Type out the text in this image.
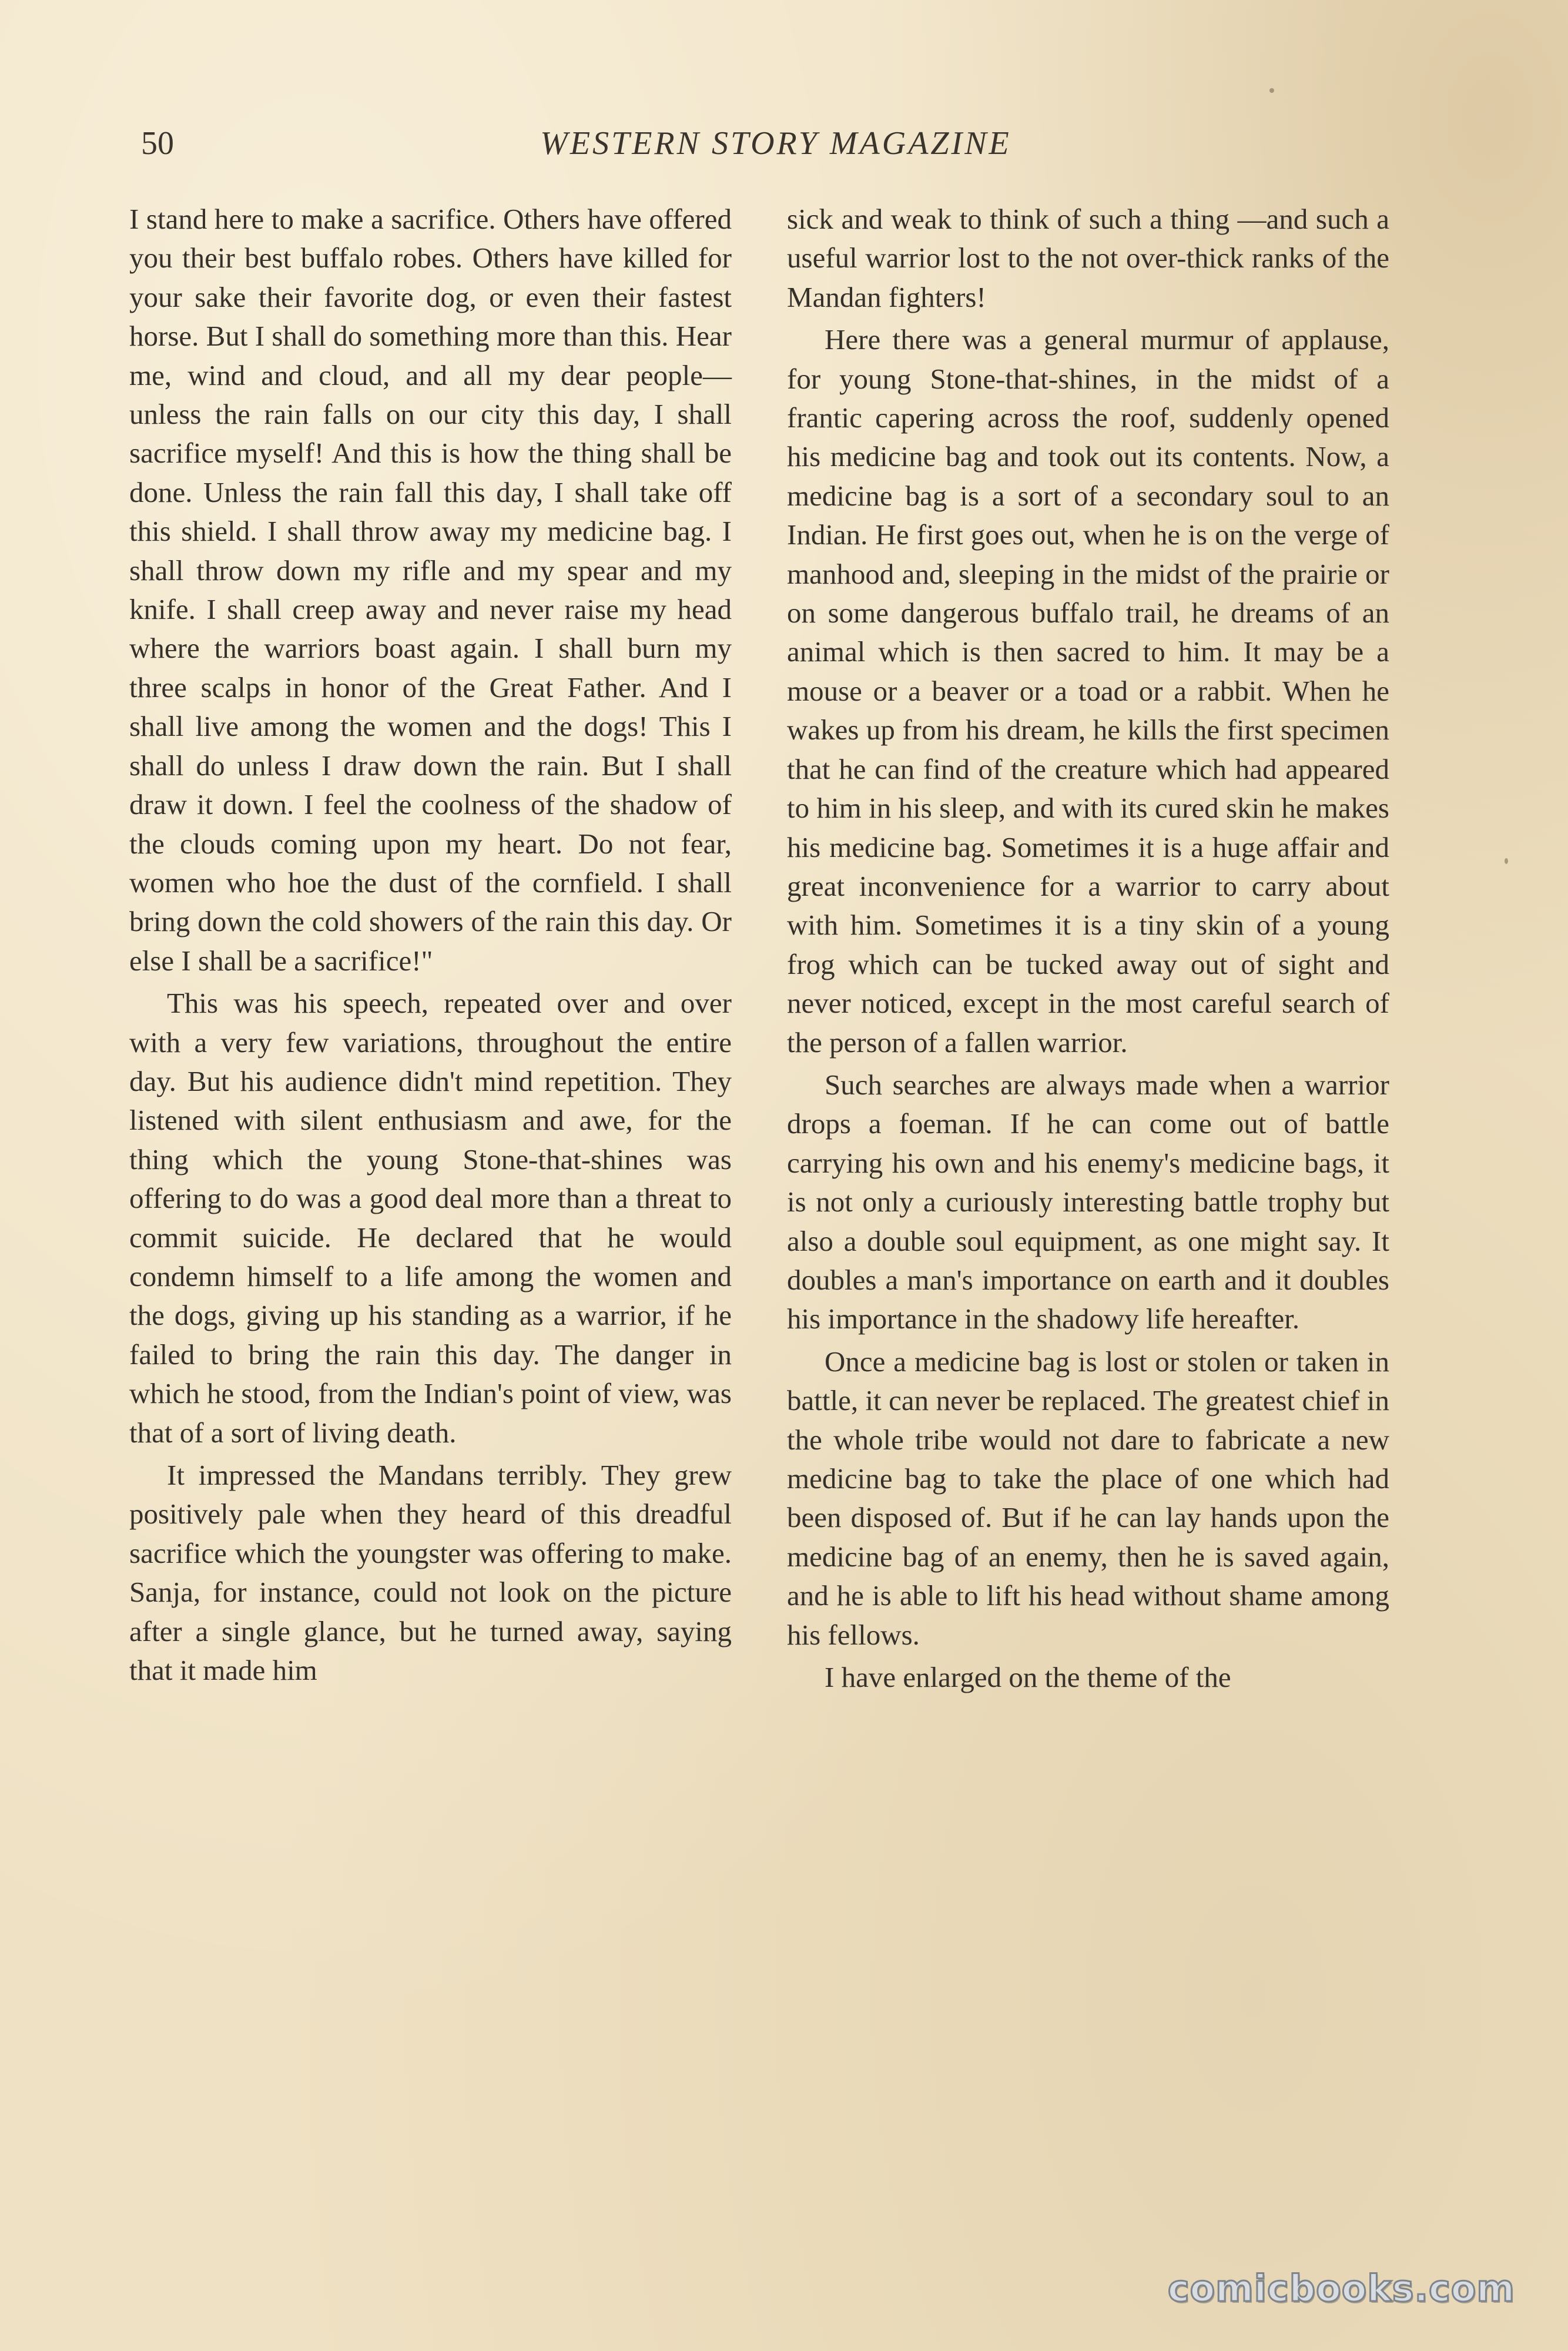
50	WESTERN STORY MAGAZINE

I stand here to make a sacrifice. Others have offered you their best buffalo robes. Others have killed for your sake their favorite dog, or even their fastest horse. But I shall do something more than this. Hear me, wind and cloud, and all my dear people—unless the rain falls on our city this day, I shall sacrifice myself! And this is how the thing shall be done. Unless the rain fall this day, I shall take off this shield. I shall throw away my medicine bag. I shall throw down my rifle and my spear and my knife. I shall creep away and never raise my head where the warriors boast again. I shall burn my three scalps in honor of the Great Father. And I shall live among the women and the dogs! This I shall do unless I draw down the rain. But I shall draw it down. I feel the coolness of the shadow of the clouds coming upon my heart. Do not fear, women who hoe the dust of the cornfield. I shall bring down the cold showers of the rain this day. Or else I shall be a sacrifice!"

This was his speech, repeated over and over with a very few variations, throughout the entire day. But his audience didn't mind repetition. They listened with silent enthusiasm and awe, for the thing which the young Stone-that-shines was offering to do was a good deal more than a threat to commit suicide. He declared that he would condemn himself to a life among the women and the dogs, giving up his standing as a warrior, if he failed to bring the rain this day. The danger in which he stood, from the Indian's point of view, was that of a sort of living death.

It impressed the Mandans terribly. They grew positively pale when they heard of this dreadful sacrifice which the youngster was offering to make. Sanja, for instance, could not look on the picture after a single glance, but he turned away, saying that it made him

sick and weak to think of such a thing —and such a useful warrior lost to the not over-thick ranks of the Mandan fighters!

Here there was a general murmur of applause, for young Stone-that-shines, in the midst of a frantic capering across the roof, suddenly opened his medicine bag and took out its contents. Now, a medicine bag is a sort of a secondary soul to an Indian. He first goes out, when he is on the verge of manhood and, sleeping in the midst of the prairie or on some dangerous buffalo trail, he dreams of an animal which is then sacred to him. It may be a mouse or a beaver or a toad or a rabbit. When he wakes up from his dream, he kills the first specimen that he can find of the creature which had appeared to him in his sleep, and with its cured skin he makes his medicine bag. Sometimes it is a huge affair and great inconvenience for a warrior to carry about with him. Sometimes it is a tiny skin of a young frog which can be tucked away out of sight and never noticed, except in the most careful search of the person of a fallen warrior.

Such searches are always made when a warrior drops a foeman. If he can come out of battle carrying his own and his enemy's medicine bags, it is not only a curiously interesting battle trophy but also a double soul equipment, as one might say. It doubles a man's importance on earth and it doubles his importance in the shadowy life hereafter.

Once a medicine bag is lost or stolen or taken in battle, it can never be replaced. The greatest chief in the whole tribe would not dare to fabricate a new medicine bag to take the place of one which had been disposed of. But if he can lay hands upon the medicine bag of an enemy, then he is saved again, and he is able to lift his head without shame among his fellows.

I have enlarged on the theme of the

comicbooks.com
